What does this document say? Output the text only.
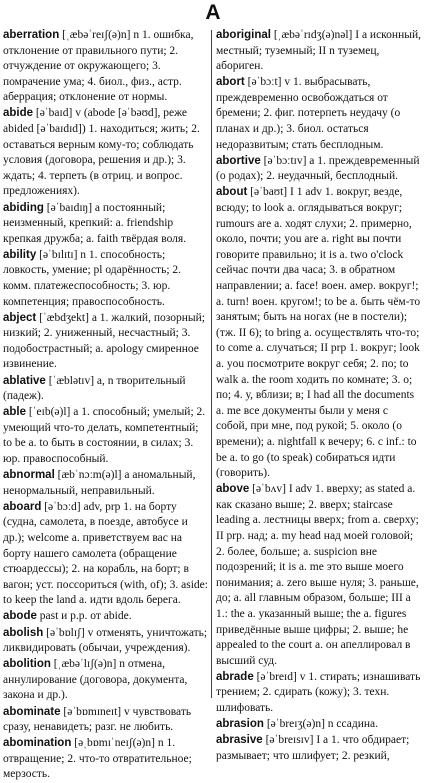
A

aberration [ˌæbəˈreɪʃ(ə)n] n 1. ошибка, отклонение от правильного пути; 2. отчуждение от окружающего; 3. помрачение ума; 4. биол., физ., астр. аберрация; отклонение от нормы.

abide [əˈbaɪd] v (abode [əˈbəʊd], реже abided [əˈbaɪdɪd]) 1. находиться; жить; 2. оставаться верным кому-то; соблюдать условия (договора, решения и др.); 3. ждать; 4. терпеть (в отриц. и вопрос. предложениях).

abiding [əˈbaɪdɪŋ] a постоянный; неизменный, крепкий: a. friendship крепкая дружба; a. faith твёрдая воля.

ability [əˈbɪlɪtɪ] n 1. способность; ловкость, умение; pl одарённость; 2. комм. платежеспособность; 3. юр. компетенция; правоспособность.

abject [ˈæbdʒekt] a 1. жалкий, позорный; низкий; 2. униженный, несчастный; 3. подобострастный; a. apology смиренное извинение.

ablative [ˈæblətɪv] a, n творительный (падеж).

able [ˈeɪb(ə)l] a 1. способный; умелый; 2. умеющий что-то делать, компетентный; to be a. to быть в состоянии, в силах; 3. юр. правоспособный.

abnormal [æbˈnɔːm(ə)l] a аномальный, ненормальный, неправильный.

aboard [əˈbɔːd] adv, prp 1. на борту (судна, самолета, в поезде, автобусе и др.); welcome a. приветствуем вас на борту нашего самолета (обращение стюардессы); 2. на корабль, на борт; в вагон; уст. поссориться (with, of); 3. aside: to keep the land a. идти вдоль берега.

abode past и p.p. от abide.

abolish [əˈbɒlɪʃ] v отменять, уничтожать; ликвидировать (обычаи, учреждения).

abolition [ˌæbəˈlɪʃ(ə)n] n отмена, аннулирование (договора, документа, закона и др.).

abominate [əˈbɒmɪneɪt] v чувствовать сразу, ненавидеть; разг. не любить.

abomination [əˌbɒmɪˈneɪʃ(ə)n] n 1. отвращение; 2. что-то отвратительное; мерзость.

aboriginal [ˌæbəˈrɪdʒ(ə)nəl] I a исконный, местный; туземный; II n туземец, абориген.

abort [əˈbɔːt] v 1. выбрасывать, преждевременно освобождаться от бремени; 2. фиг. потерпеть неудачу (о планах и др.); 3. биол. остаться недоразвитым; стать бесплодным.

abortive [əˈbɔːtɪv] a 1. преждевременный (о родах); 2. неудачный, бесплодный.

about [əˈbaʊt] I 1 adv 1. вокруг, везде, всюду; to look a. оглядываться вокруг; rumours are a. ходят слухи; 2. примерно, около, почти; you are a. right вы почти говорите правильно; it is a. two o'clock сейчас почти два часа; 3. в обратном направлении; a. face! воен. амер. вокруг!; a. turn! воен. кругом!; to be a. быть чём-то занятым; быть на ногах (не в постели); (тж. II 6); to bring a. осуществлять что-то; to come a. случаться; II prp 1. вокруг; look a. you посмотрите вокруг себя; 2. по; to walk a. the room ходить по комнате; 3. о; по; 4. у, вблизи; в; I had all the documents a. me все документы были у меня с собой, при мне, под рукой; 5. около (о времени); a. nightfall к вечеру; 6. c inf.: to be a. to go (to speak) собираться идти (говорить).

above [əˈbʌv] I adv 1. вверху; as stated a. как сказано выше; 2. вверх; staircase leading a. лестницы вверх; from a. сверху; II prp. над; a. my head над моей головой; 2. более, больше; a. suspicion вне подозрений; it is a. me это выше моего понимания; a. zero выше нуля; 3. раньше, до; a. all главным образом, больше; III a 1.: the a. указанный выше; the a. figures приведённые выше цифры; 2. выше; he appealed to the court a. он апеллировал в высший суд.

abrade [əˈbreɪd] v 1. стирать; изнашивать трением; 2. сдирать (кожу); 3. техн. шлифовать.

abrasion [əˈbreɪʒ(ə)n] n ссадина.

abrasive [əˈbreɪsɪv] I a 1. что обдирает; размывает; что шлифует; 2. резкий,
